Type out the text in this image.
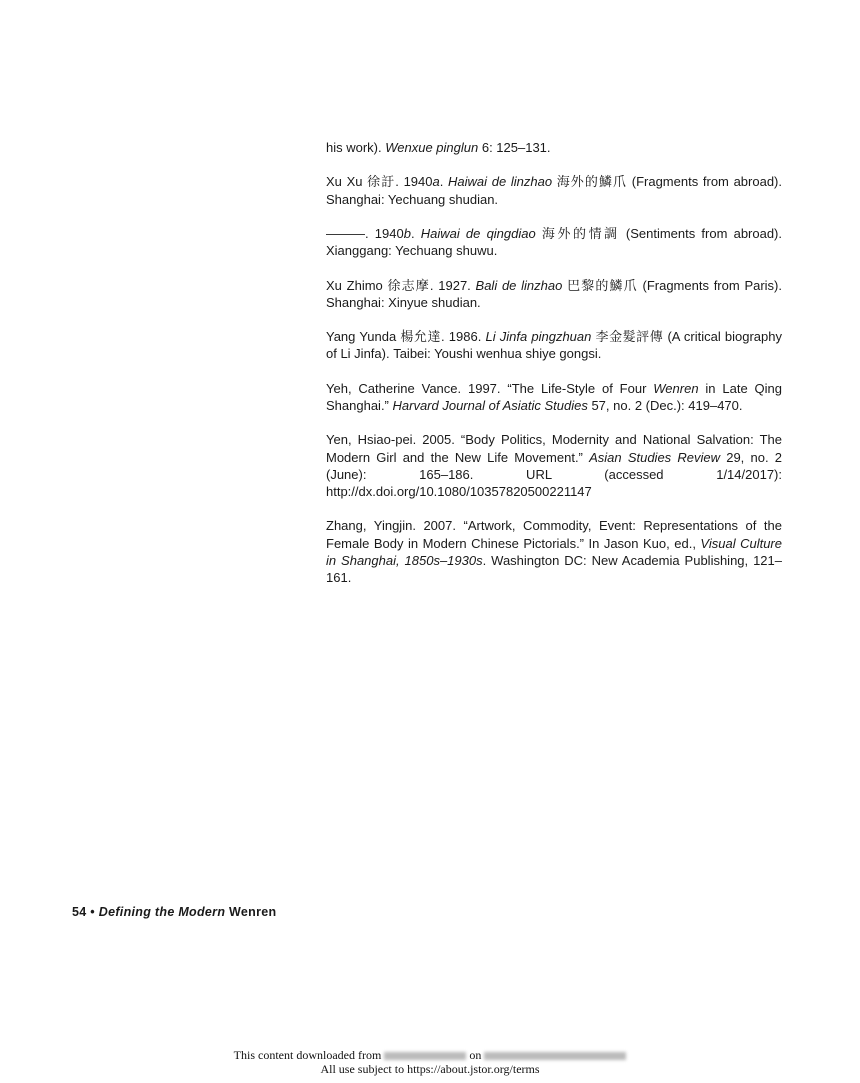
his work). Wenxue pinglun 6: 125–131.

Xu Xu 徐訏. 1940a. Haiwai de linzhao 海外的鱗爪 (Fragments from abroad). Shanghai: Yechuang shudian.

———. 1940b. Haiwai de qingdiao 海外的情調 (Sentiments from abroad). Xianggang: Yechuang shuwu.

Xu Zhimo 徐志摩. 1927. Bali de linzhao 巴黎的鱗爪 (Fragments from Paris). Shanghai: Xinyue shudian.

Yang Yunda 楊允達. 1986. Li Jinfa pingzhuan 李金髮評傳 (A critical biography of Li Jinfa). Taibei: Youshi wenhua shiye gongsi.

Yeh, Catherine Vance. 1997. “The Life-Style of Four Wenren in Late Qing Shanghai.” Harvard Journal of Asiatic Studies 57, no. 2 (Dec.): 419–470.

Yen, Hsiao-pei. 2005. “Body Politics, Modernity and National Salvation: The Modern Girl and the New Life Movement.” Asian Studies Review 29, no. 2 (June): 165–186. URL (accessed 1/14/2017): http://dx.doi.org/10.1080/10357820500221147

Zhang, Yingjin. 2007. “Artwork, Commodity, Event: Representations of the Female Body in Modern Chinese Pictorials.” In Jason Kuo, ed., Visual Culture in Shanghai, 1850s–1930s. Washington DC: New Academia Publishing, 121–161.

54 • Defining the Modern Wenren
This content downloaded from	on
All use subject to https://about.jstor.org/terms
